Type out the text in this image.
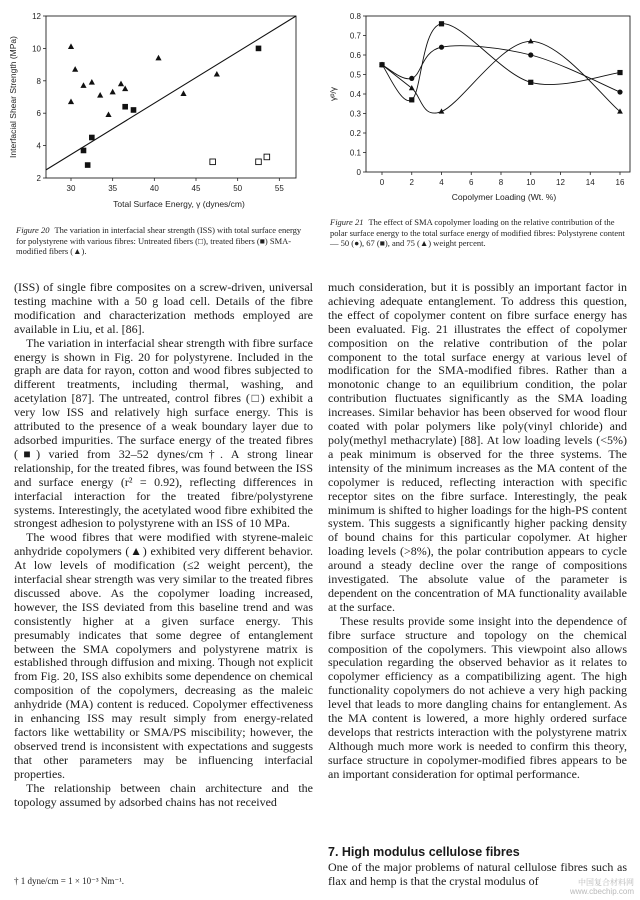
30	35	40	45	50	55
2
4
6
8
10
12
Total Surface Energy, γ (dynes/cm)
Interfacial Shear Strength (MPa)
Figure 20 The variation in interfacial shear strength (ISS) with total surface energy for polystyrene with various fibres: Untreated fibers (□), treated fibers (■) SMA- modified fibers (▲).
0	2	4	6	8	10	12	14	16
0
0.1
0.2
0.3
0.4
0.5
0.6
0.7
0.8
Copolymer Loading (Wt. %)
γᵖ/γ
Figure 21 The effect of SMA copolymer loading on the relative contribution of the polar surface energy to the total surface energy of modified fibres: Polystyrene content — 50 (●), 67 (■), and 75 (▲) weight percent.

(ISS) of single fibre composites on a screw-driven, universal testing machine with a 50 g load cell. Details of the fibre modification and characterization methods employed are available in Liu, et al. [86].

The variation in interfacial shear strength with fibre surface energy is shown in Fig. 20 for polystyrene. Included in the graph are data for rayon, cotton and wood fibres subjected to different treatments, including thermal, washing, and acetylation [87]. The untreated, control fibres (□) exhibit a very low ISS and relatively high surface energy. This is attributed to the presence of a weak boundary layer due to adsorbed impurities. The surface energy of the treated fibres (■) varied from 32–52 dynes/cm†. A strong linear relationship, for the treated fibres, was found between the ISS and surface energy (r² = 0.92), reflecting differences in interfacial interaction for the treated fibre/polystyrene systems. Interestingly, the acetylated wood fibre exhibited the strongest adhesion to polystyrene with an ISS of 10 MPa.

The wood fibres that were modified with styrene-maleic anhydride copolymers (▲) exhibited very different behavior. At low levels of modification (≤2 weight percent), the interfacial shear strength was very similar to the treated fibres discussed above. As the copolymer loading increased, however, the ISS deviated from this baseline trend and was consistently higher at a given surface energy. This presumably indicates that some degree of entanglement between the SMA copolymers and polystyrene matrix is established through diffusion and mixing. Though not explicit from Fig. 20, ISS also exhibits some dependence on chemical composition of the copolymers, decreasing as the maleic anhydride (MA) content is reduced. Copolymer effectiveness in enhancing ISS may result simply from energy-related factors like wettability or SMA/PS miscibility; however, the observed trend is inconsistent with expectations and suggests that other parameters may be influencing interfacial properties.

The relationship between chain architecture and the topology assumed by adsorbed chains has not received

much consideration, but it is possibly an important factor in achieving adequate entanglement. To address this question, the effect of copolymer content on fibre surface energy has been evaluated. Fig. 21 illustrates the effect of copolymer composition on the relative contribution of the polar component to the total surface energy at various level of modification for the SMA-modified fibres. Rather than a monotonic change to an equilibrium condition, the polar contribution fluctuates significantly as the SMA loading increases. Similar behavior has been observed for wood flour coated with polar polymers like poly(vinyl chloride) and poly(methyl methacrylate) [88]. At low loading levels (<5%) a peak minimum is observed for the three systems. The intensity of the minimum increases as the MA content of the copolymer is reduced, reflecting interaction with specific receptor sites on the fibre surface. Interestingly, the peak minimum is shifted to higher loadings for the high-PS content system. This suggests a significantly higher packing density of bound chains for this particular copolymer. At higher loading levels (>8%), the polar contribution appears to cycle around a steady decline over the range of compositions investigated. The absolute value of the parameter is dependent on the concentration of MA functionality available at the surface.

These results provide some insight into the dependence of fibre surface structure and topology on the chemical composition of the copolymers. This viewpoint also allows speculation regarding the observed behavior as it relates to copolymer efficiency as a compatibilizing agent. The high functionality copolymers do not achieve a very high packing level that leads to more dangling chains for entanglement. As the MA content is lowered, a more highly ordered surface develops that restricts interaction with the polystyrene matrix Although much more work is needed to confirm this theory, surface structure in copolymer-modified fibres appears to be an important consideration for optimal performance.

7. High modulus cellulose fibres
One of the major problems of natural cellulose fibres such as flax and hemp is that the crystal modulus of
† 1 dyne/cm = 1 × 10⁻³ Nm⁻¹.	中国复合材料网
www.cbechip.com
